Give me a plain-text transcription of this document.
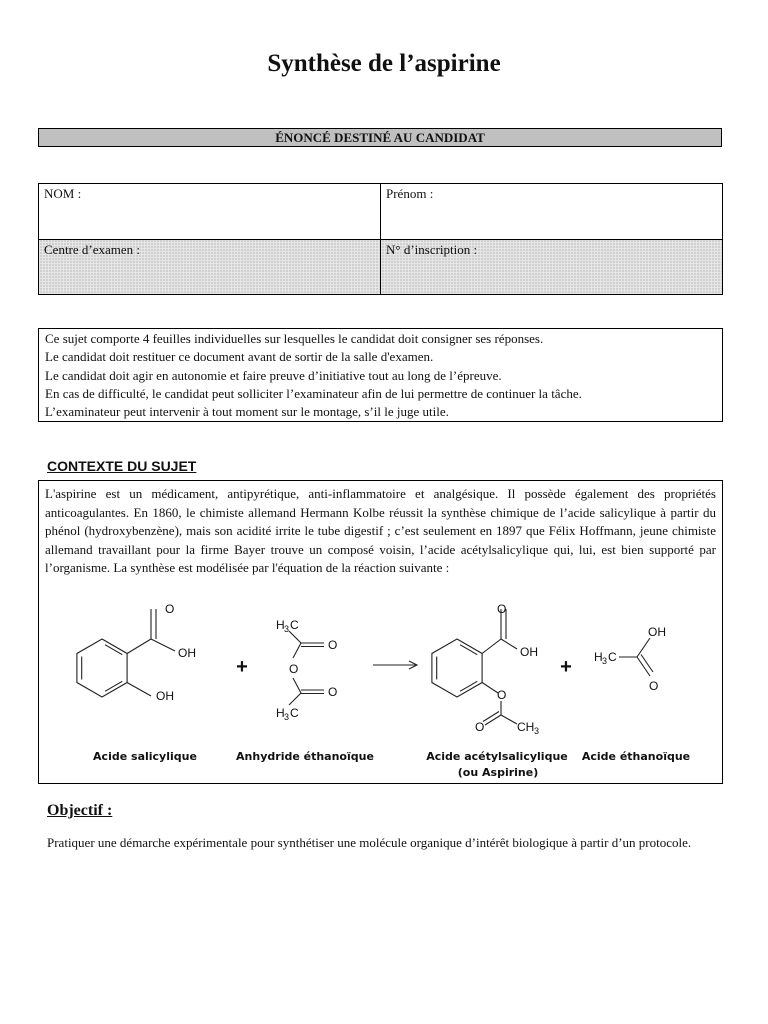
Synthèse de l’aspirine
ÉNONCÉ DESTINÉ AU CANDIDAT
NOM :	Prénom :
Centre d’examen :	N° d’inscription :
Ce sujet comporte 4 feuilles individuelles sur lesquelles le candidat doit consigner ses réponses.
Le candidat doit restituer ce document avant de sortir de la salle d'examen.
Le candidat doit agir en autonomie et faire preuve d’initiative tout au long de l’épreuve.
En cas de difficulté, le candidat peut solliciter l’examinateur afin de lui permettre de continuer la tâche.
L’examinateur peut intervenir à tout moment sur le montage, s’il le juge utile.
CONTEXTE DU SUJET
L'aspirine est un médicament, antipyrétique, anti-inflammatoire et analgésique. Il possède également des propriétés anticoagulantes. En 1860, le chimiste allemand Hermann Kolbe réussit la synthèse chimique de l’acide salicylique à partir du phénol (hydroxybenzène), mais son acidité irrite le tube digestif ; c’est seulement en 1897 que Félix Hoffmann, jeune chimiste allemand travaillant pour la firme Bayer trouve un composé voisin, l’acide acétylsalicylique qui, lui, est bien supporté par l’organisme. La synthèse est modélisée par l'équation de la réaction suivante :
O
OH
OH
H 3 C
O
O
O
H 3 C
O
OH
O
O	CH 3
H 3 C
OH
O
+	+
Acide salicylique	Anhydride éthanoïque	Acide acétylsalicylique
(ou Aspirine)
Acide éthanoïque
Objectif :
Pratiquer une démarche expérimentale pour synthétiser une molécule organique d’intérêt biologique à partir d’un protocole.
